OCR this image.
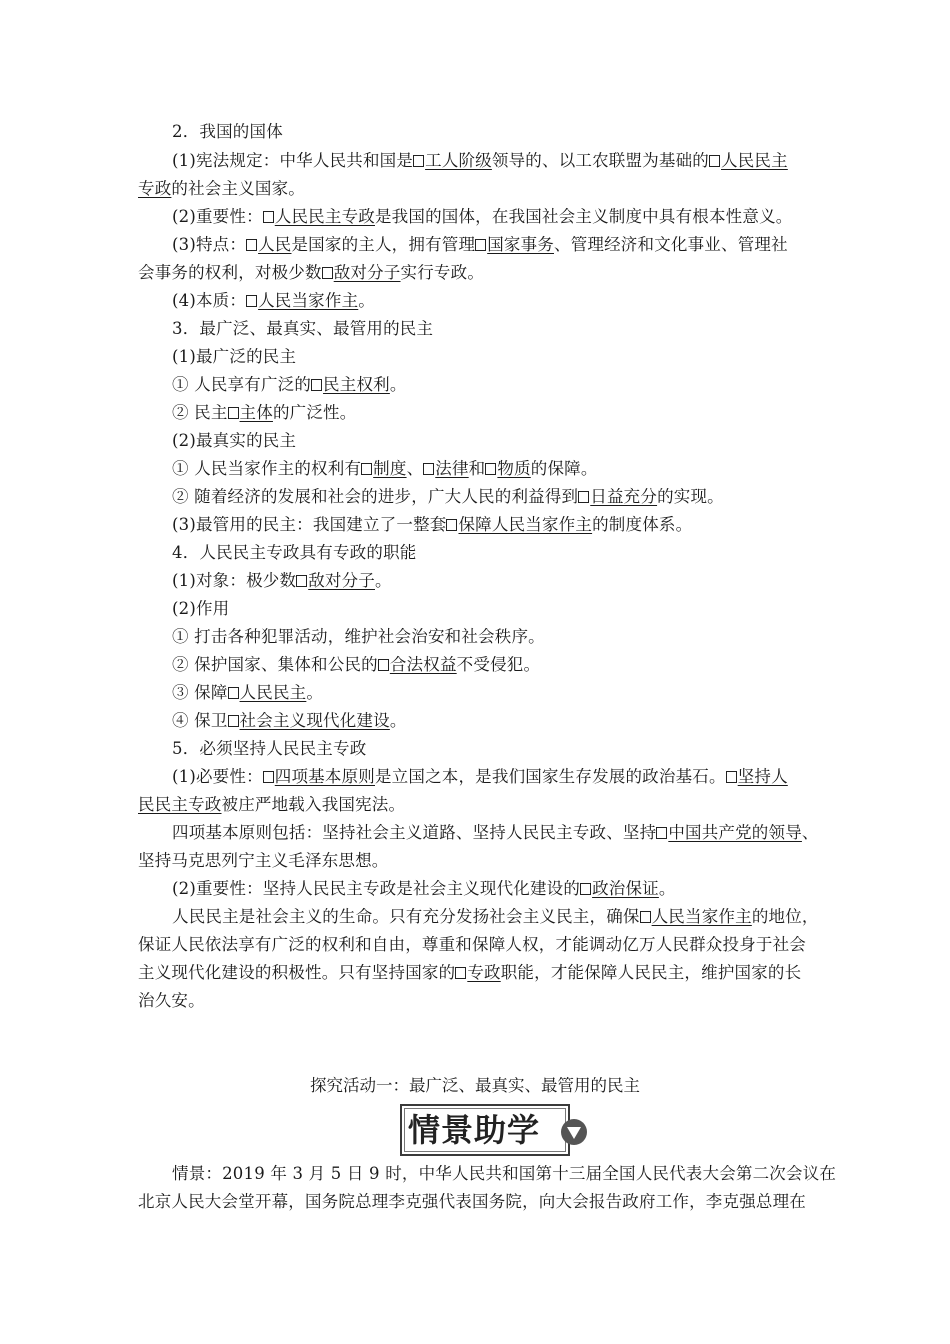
2．我国的国体
(1)宪法规定：中华人民共和国是 工人阶级领导的、以工农联盟为基础的 人民民主
专政的社会主义国家。
(2)重要性： 人民民主专政是我国的国体，在我国社会主义制度中具有根本性意义。
(3)特点： 人民是国家的主人，拥有管理 国家事务、管理经济和文化事业、管理社
会事务的权利，对极少数 敌对分子实行专政。
(4)本质： 人民当家作主。
3．最广泛、最真实、最管用的民主
(1)最广泛的民主
① 人民享有广泛的 民主权利。
② 民主 主体的广泛性。
(2)最真实的民主
① 人民当家作主的权利有 制度、 法律和 物质的保障。
② 随着经济的发展和社会的进步，广大人民的利益得到 日益充分的实现。
(3)最管用的民主：我国建立了一整套 保障人民当家作主的制度体系。
4．人民民主专政具有专政的职能
(1)对象：极少数 敌对分子。
(2)作用
① 打击各种犯罪活动，维护社会治安和社会秩序。
② 保护国家、集体和公民的 合法权益不受侵犯。
③ 保障 人民民主。
④ 保卫 社会主义现代化建设。
5．必须坚持人民民主专政
(1)必要性： 四项基本原则是立国之本，是我们国家生存发展的政治基石。 坚持人
民民主专政被庄严地载入我国宪法。
四项基本原则包括：坚持社会主义道路、坚持人民民主专政、坚持 中国共产党的领导、
坚持马克思列宁主义毛泽东思想。
(2)重要性：坚持人民民主专政是社会主义现代化建设的 政治保证。
人民民主是社会主义的生命。只有充分发扬社会主义民主，确保 人民当家作主的地位，
保证人民依法享有广泛的权利和自由，尊重和保障人权，才能调动亿万人民群众投身于社会
主义现代化建设的积极性。只有坚持国家的 专政职能，才能保障人民民主，维护国家的长
治久安。
探究活动一：最广泛、最真实、最管用的民主
情景助学
情景：2019 年 3 月 5 日 9 时，中华人民共和国第十三届全国人民代表大会第二次会议在
北京人民大会堂开幕，国务院总理李克强代表国务院，向大会报告政府工作，李克强总理在
